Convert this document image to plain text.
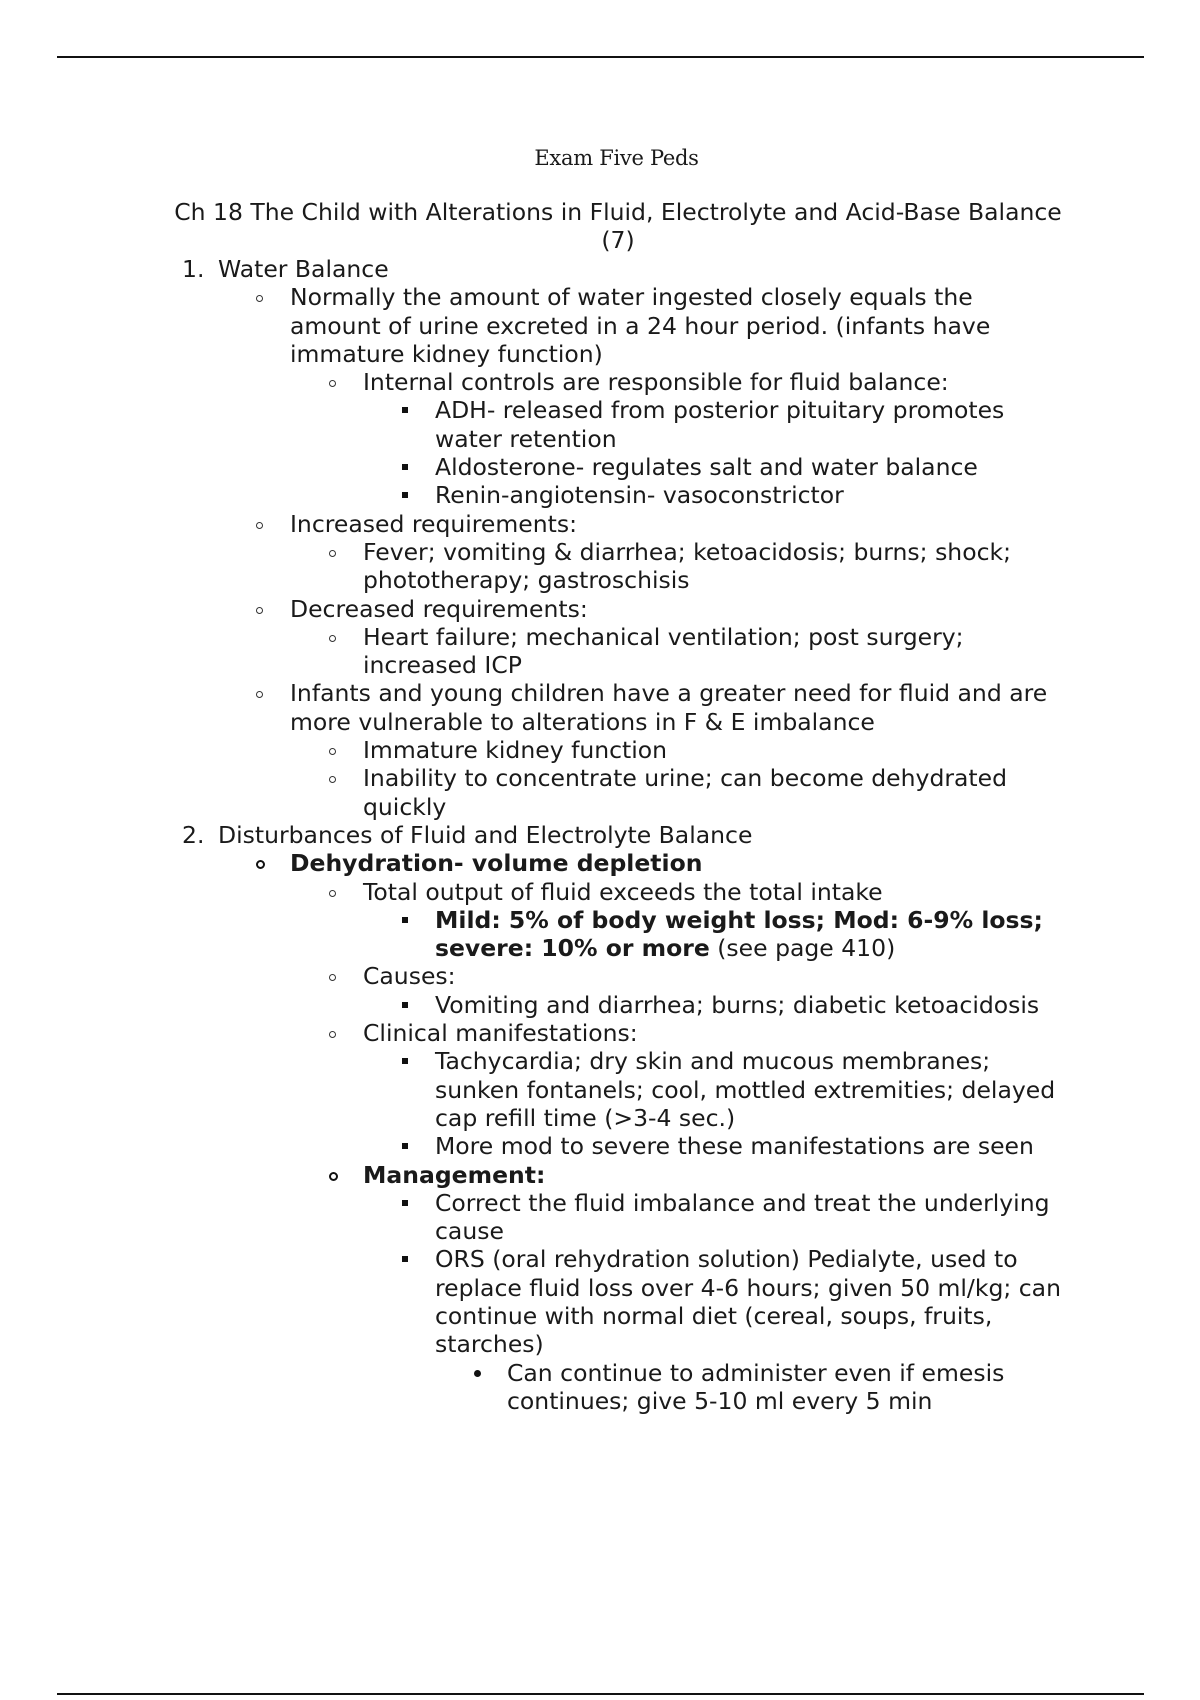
Exam Five Peds
Ch 18 The Child with Alterations in Fluid, Electrolyte and Acid-Base Balance
(7)
1. Water Balance
Normally the amount of water ingested closely equals the
amount of urine excreted in a 24 hour period. (infants have
immature kidney function)
Internal controls are responsible for fluid balance:
ADH- released from posterior pituitary promotes
water retention
Aldosterone- regulates salt and water balance
Renin-angiotensin- vasoconstrictor
Increased requirements:
Fever; vomiting & diarrhea; ketoacidosis; burns; shock;
phototherapy; gastroschisis
Decreased requirements:
Heart failure; mechanical ventilation; post surgery;
increased ICP
Infants and young children have a greater need for fluid and are
more vulnerable to alterations in F & E imbalance
Immature kidney function
Inability to concentrate urine; can become dehydrated
quickly
2. Disturbances of Fluid and Electrolyte Balance
Dehydration- volume depletion
Total output of fluid exceeds the total intake
Mild: 5% of body weight loss; Mod: 6-9% loss;
severe: 10% or more (see page 410)
Causes:
Vomiting and diarrhea; burns; diabetic ketoacidosis
Clinical manifestations:
Tachycardia; dry skin and mucous membranes;
sunken fontanels; cool, mottled extremities; delayed
cap refill time (>3-4 sec.)
More mod to severe these manifestations are seen
Management:
Correct the fluid imbalance and treat the underlying
cause
ORS (oral rehydration solution) Pedialyte, used to
replace fluid loss over 4-6 hours; given 50 ml/kg; can
continue with normal diet (cereal, soups, fruits,
starches)
Can continue to administer even if emesis
continues; give 5-10 ml every 5 min
